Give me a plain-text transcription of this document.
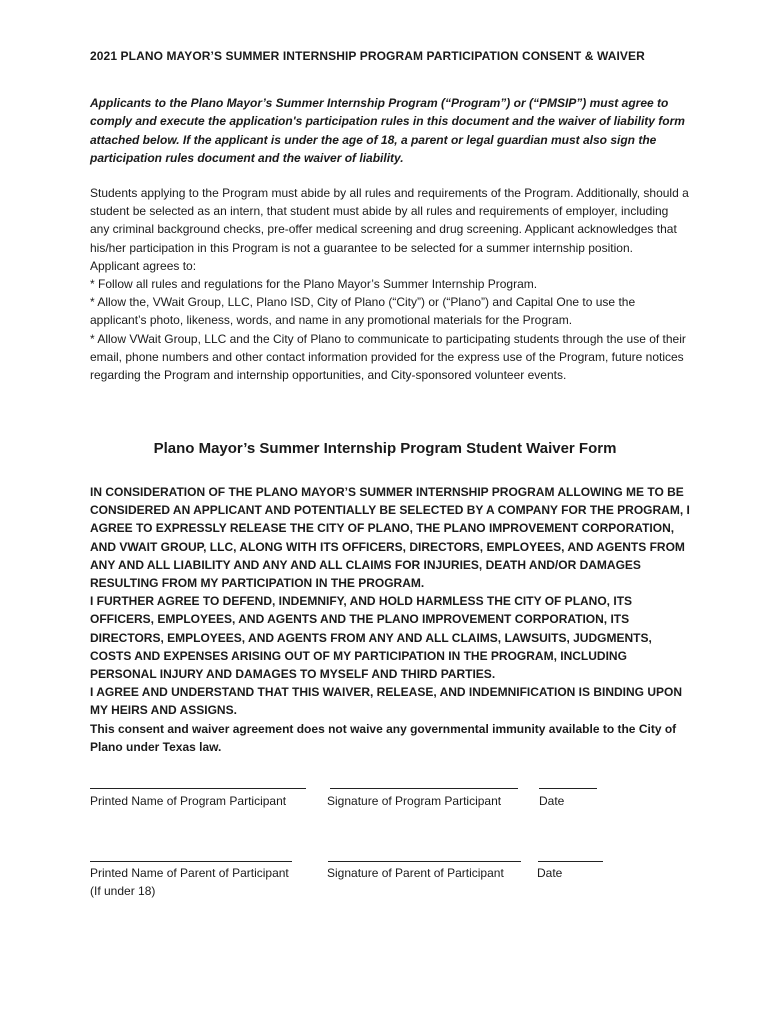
2021 PLANO MAYOR’S SUMMER INTERNSHIP PROGRAM PARTICIPATION CONSENT & WAIVER
Applicants to the Plano Mayor’s Summer Internship Program (“Program”) or (“PMSIP”) must agree to comply and execute the application's participation rules in this document and the waiver of liability form attached below. If the applicant is under the age of 18, a parent or legal guardian must also sign the participation rules document and the waiver of liability.

Students applying to the Program must abide by all rules and requirements of the Program. Additionally, should a student be selected as an intern, that student must abide by all rules and requirements of employer, including any criminal background checks, pre-offer medical screening and drug screening. Applicant acknowledges that his/her participation in this Program is not a guarantee to be selected for a summer internship position.

Applicant agrees to:

* Follow all rules and regulations for the Plano Mayor’s Summer Internship Program.

* Allow the, VWait Group, LLC, Plano ISD, City of Plano (“City”) or (“Plano”) and Capital One to use the applicant’s photo, likeness, words, and name in any promotional materials for the Program.

* Allow VWait Group, LLC and the City of Plano to communicate to participating students through the use of their email, phone numbers and other contact information provided for the express use of the Program, future notices regarding the Program and internship opportunities, and City-sponsored volunteer events.

Plano Mayor’s Summer Internship Program Student Waiver Form

IN CONSIDERATION OF THE PLANO MAYOR’S SUMMER INTERNSHIP PROGRAM ALLOWING ME TO BE CONSIDERED AN APPLICANT AND POTENTIALLY BE SELECTED BY A COMPANY FOR THE PROGRAM, I AGREE TO EXPRESSLY RELEASE THE CITY OF PLANO, THE PLANO IMPROVEMENT CORPORATION, AND VWAIT GROUP, LLC, ALONG WITH ITS OFFICERS, DIRECTORS, EMPLOYEES, AND AGENTS FROM ANY AND ALL LIABILITY AND ANY AND ALL CLAIMS FOR INJURIES, DEATH AND/OR DAMAGES RESULTING FROM MY PARTICIPATION IN THE PROGRAM.

I FURTHER AGREE TO DEFEND, INDEMNIFY, AND HOLD HARMLESS THE CITY OF PLANO, ITS OFFICERS, EMPLOYEES, AND AGENTS AND THE PLANO IMPROVEMENT CORPORATION, ITS DIRECTORS, EMPLOYEES, AND AGENTS FROM ANY AND ALL CLAIMS, LAWSUITS, JUDGMENTS, COSTS AND EXPENSES ARISING OUT OF MY PARTICIPATION IN THE PROGRAM, INCLUDING PERSONAL INJURY AND DAMAGES TO MYSELF AND THIRD PARTIES.

I AGREE AND UNDERSTAND THAT THIS WAIVER, RELEASE, AND INDEMNIFICATION IS BINDING UPON MY HEIRS AND ASSIGNS.

This consent and waiver agreement does not waive any governmental immunity available to the City of Plano under Texas law.

Printed Name of Program Participant	Signature of Program Participant	Date
Printed Name of Parent of Participant	Signature of Parent of Participant	Date
(If under 18)
